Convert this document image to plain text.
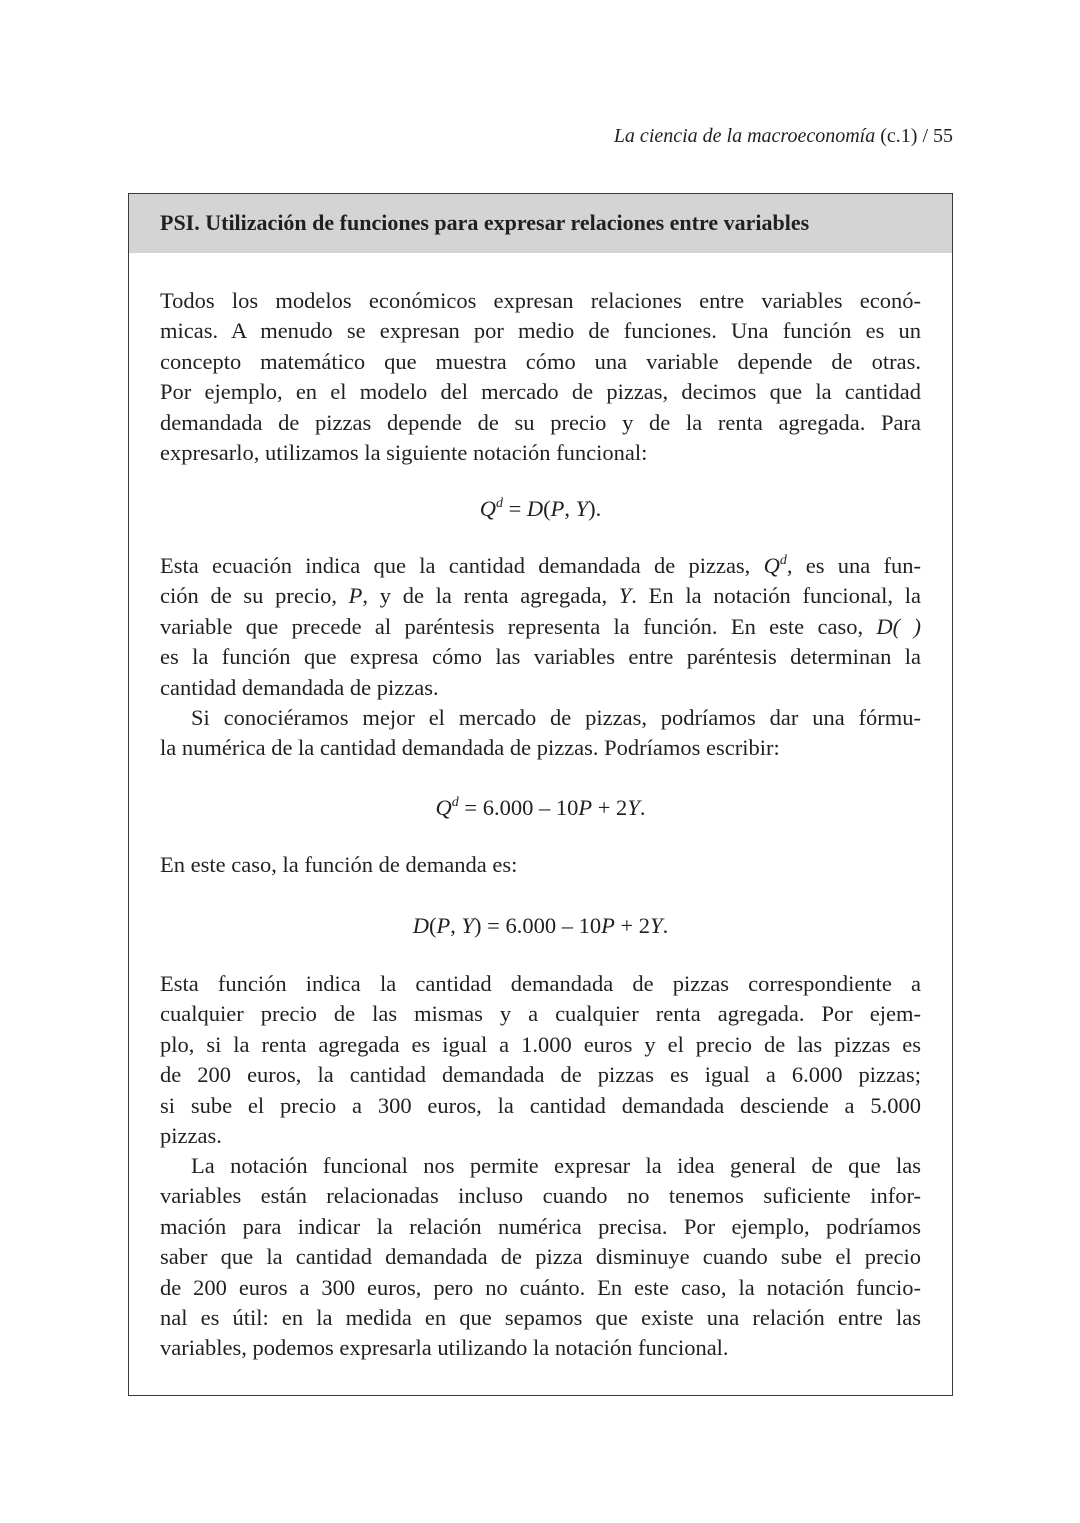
La ciencia de la macroeconomía (c.1) / 55
PSI. Utilización de funciones para expresar relaciones entre variables
Todos los modelos económicos expresan relaciones entre variables econó-
micas. A menudo se expresan por medio de funciones. Una función es un
concepto matemático que muestra cómo una variable depende de otras.
Por ejemplo, en el modelo del mercado de pizzas, decimos que la cantidad
demandada de pizzas depende de su precio y de la renta agregada. Para
expresarlo, utilizamos la siguiente notación funcional:
$Q^d = D(P$, Y).
Esta ecuación indica que la cantidad demandada de pizzas, $Q^d$, es una fun-
ción de su precio, P, y de la renta agregada, Y. En la notación funcional, la
variable que precede al paréntesis representa la función. En este caso, D( )
es la función que expresa cómo las variables entre paréntesis determinan la
cantidad demandada de pizzas.
Si conociéramos mejor el mercado de pizzas, podríamos dar una fórmu-
la numérica de la cantidad demandada de pizzas. Podríamos escribir:
$Q^d = 6.000 - 10P + 2Y$.
En este caso, la función de demanda es:
D(P, Y) = 6.000 – 10P + 2Y.
Esta función indica la cantidad demandada de pizzas correspondiente a
cualquier precio de las mismas y a cualquier renta agregada. Por ejem-
plo, si la renta agregada es igual a 1.000 euros y el precio de las pizzas es
de 200 euros, la cantidad demandada de pizzas es igual a 6.000 pizzas;
si sube el precio a 300 euros, la cantidad demandada desciende a 5.000
pizzas.
La notación funcional nos permite expresar la idea general de que las
variables están relacionadas incluso cuando no tenemos suficiente infor-
mación para indicar la relación numérica precisa. Por ejemplo, podríamos
saber que la cantidad demandada de pizza disminuye cuando sube el precio
de 200 euros a 300 euros, pero no cuánto. En este caso, la notación funcio-
nal es útil: en la medida en que sepamos que existe una relación entre las
variables, podemos expresarla utilizando la notación funcional.
